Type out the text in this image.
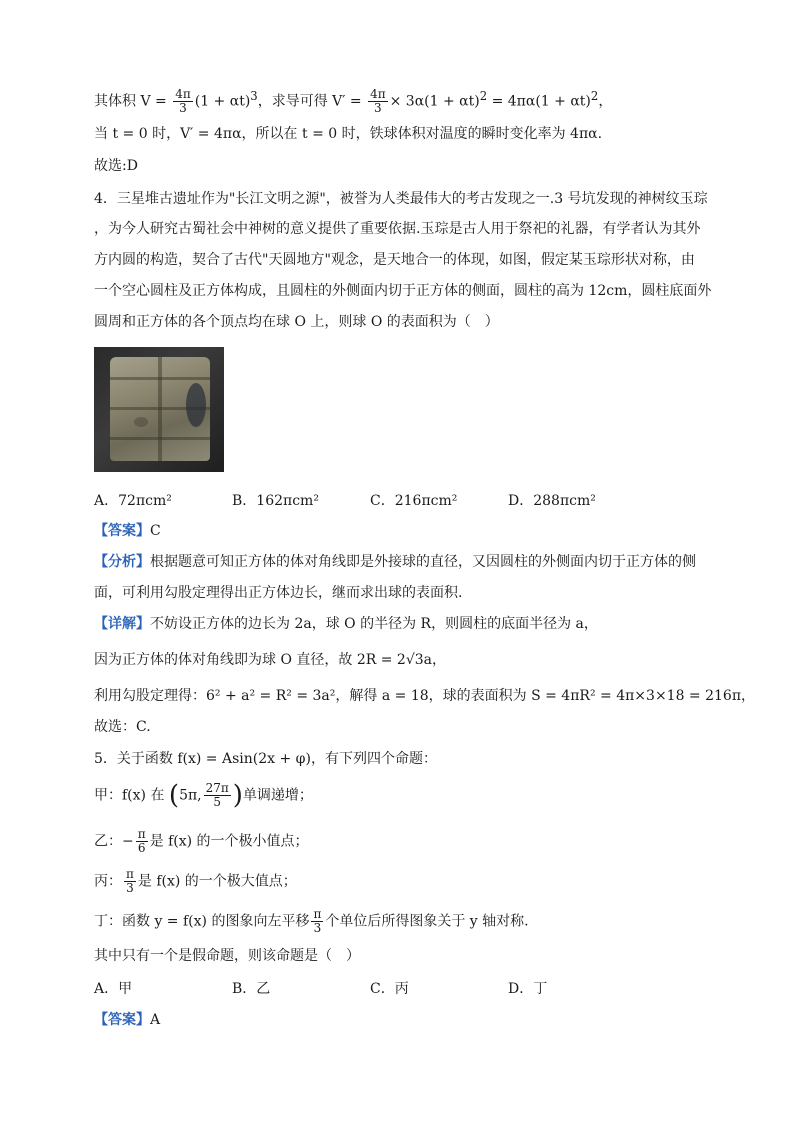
其体积 $V = \frac{4\pi}{3} (1 + \alpha t)^3$，求导可得 $V' = \frac{4\pi}{3} \times 3\alpha(1 + \alpha t)^2 = 4\pi\alpha(1 + \alpha t)^2$，
当 t = 0 时，V′ = 4πα，所以在 t = 0 时，铁球体积对温度的瞬时变化率为 4πα.
故选:D
4．三星堆古遗址作为"长江文明之源"，被誉为人类最伟大的考古发现之一.3 号坑发现的神树纹玉琮
，为今人研究古蜀社会中神树的意义提供了重要依据.玉琮是古人用于祭祀的礼器，有学者认为其外
方内圆的构造，契合了古代"天圆地方"观念，是天地合一的体现，如图，假定某玉琮形状对称，由
一个空心圆柱及正方体构成，且圆柱的外侧面内切于正方体的侧面，圆柱的高为 12cm，圆柱底面外
圆周和正方体的各个顶点均在球 O 上，则球 O 的表面积为（　）
A．72πcm²	B．162πcm²	C．216πcm²	D．288πcm²
【答案】C
【分析】根据题意可知正方体的体对角线即是外接球的直径，又因圆柱的外侧面内切于正方体的侧
面，可利用勾股定理得出正方体边长，继而求出球的表面积.
【详解】不妨设正方体的边长为 2a，球 O 的半径为 R，则圆柱的底面半径为 a，
因为正方体的体对角线即为球 O 直径，故 2R = 2√3a，
利用勾股定理得：6² + a² = R² = 3a²，解得 a = 18，球的表面积为 S = 4πR² = 4π×3×18 = 216π，
故选：C.
5．关于函数 f(x) = Asin(2x + φ)，有下列四个命题：
甲：f(x) 在 (5π, $\frac{27\pi}{5}$ )单调递增；
乙：− $\frac{\pi}{6}$ 是 f(x) 的一个极小值点；
丙： $\frac{\pi}{3}$ 是 f(x) 的一个极大值点；
丁：函数 y = f(x) 的图象向左平移 $\frac{\pi}{3}$ 个单位后所得图象关于 y 轴对称.
其中只有一个是假命题，则该命题是（　）
A．甲	B．乙	C．丙	D．丁
【答案】A
